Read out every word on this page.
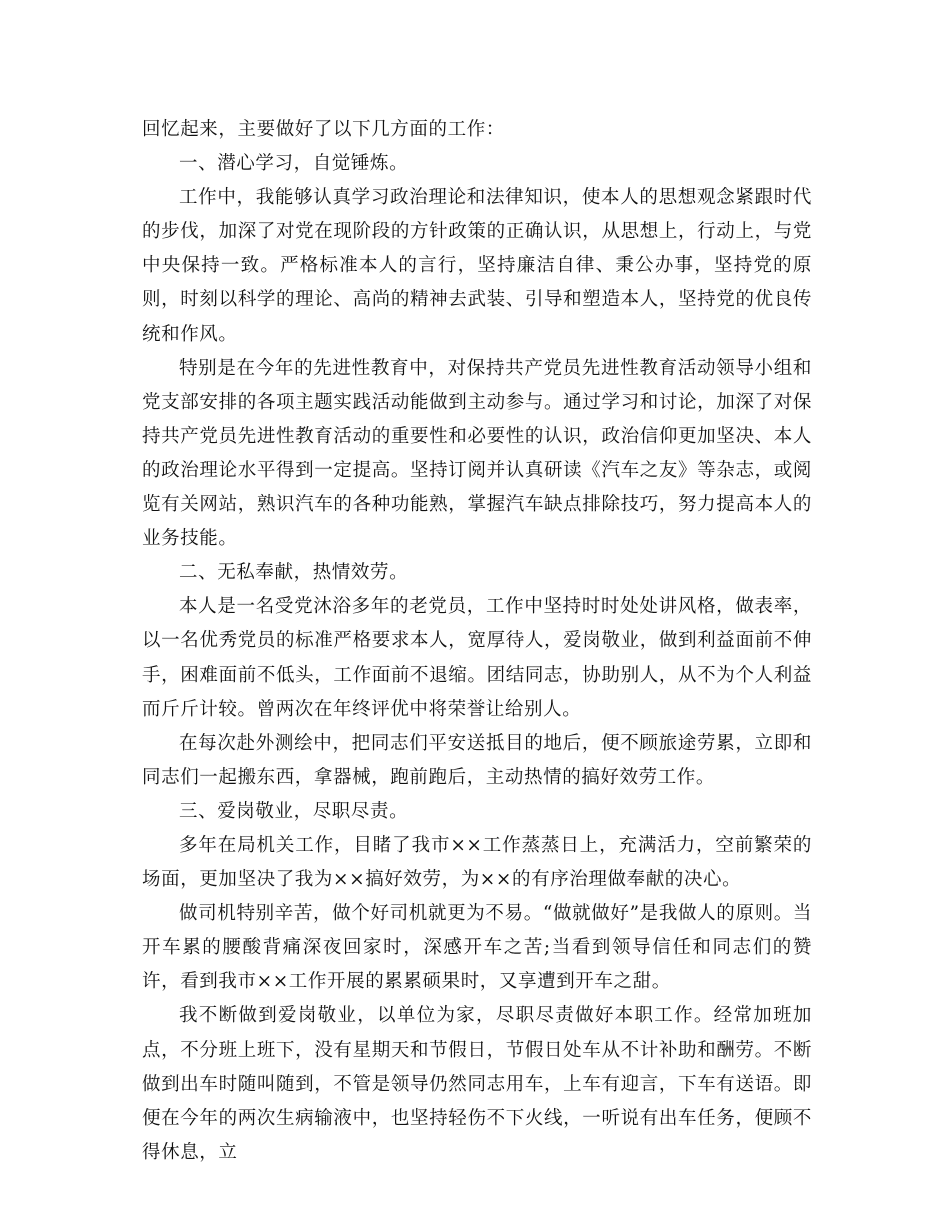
回忆起来，主要做好了以下几方面的工作：

一、潜心学习，自觉锤炼。

工作中，我能够认真学习政治理论和法律知识，使本人的思想观念紧跟时代的步伐，加深了对党在现阶段的方针政策的正确认识，从思想上，行动上，与党中央保持一致。严格标准本人的言行，坚持廉洁自律、秉公办事，坚持党的原则，时刻以科学的理论、高尚的精神去武装、引导和塑造本人，坚持党的优良传统和作风。

特别是在今年的先进性教育中，对保持共产党员先进性教育活动领导小组和党支部安排的各项主题实践活动能做到主动参与。通过学习和讨论，加深了对保持共产党员先进性教育活动的重要性和必要性的认识，政治信仰更加坚决、本人的政治理论水平得到一定提高。坚持订阅并认真研读《汽车之友》等杂志，或阅览有关网站，熟识汽车的各种功能熟，掌握汽车缺点排除技巧，努力提高本人的业务技能。

二、无私奉献，热情效劳。

本人是一名受党沐浴多年的老党员，工作中坚持时时处处讲风格，做表率，以一名优秀党员的标准严格要求本人，宽厚待人，爱岗敬业，做到利益面前不伸手，困难面前不低头，工作面前不退缩。团结同志，协助别人，从不为个人利益而斤斤计较。曾两次在年终评优中将荣誉让给别人。

在每次赴外测绘中，把同志们平安送抵目的地后，便不顾旅途劳累，立即和同志们一起搬东西，拿器械，跑前跑后，主动热情的搞好效劳工作。

三、爱岗敬业，尽职尽责。

多年在局机关工作，目睹了我市××工作蒸蒸日上，充满活力，空前繁荣的场面，更加坚决了我为××搞好效劳，为××的有序治理做奉献的决心。

做司机特别辛苦，做个好司机就更为不易。“做就做好”是我做人的原则。当开车累的腰酸背痛深夜回家时，深感开车之苦;当看到领导信任和同志们的赞许，看到我市××工作开展的累累硕果时，又享遭到开车之甜。

我不断做到爱岗敬业，以单位为家，尽职尽责做好本职工作。经常加班加点，不分班上班下，没有星期天和节假日，节假日处车从不计补助和酬劳。不断做到出车时随叫随到，不管是领导仍然同志用车，上车有迎言，下车有送语。即便在今年的两次生病输液中，也坚持轻伤不下火线，一听说有出车任务，便顾不得休息，立
